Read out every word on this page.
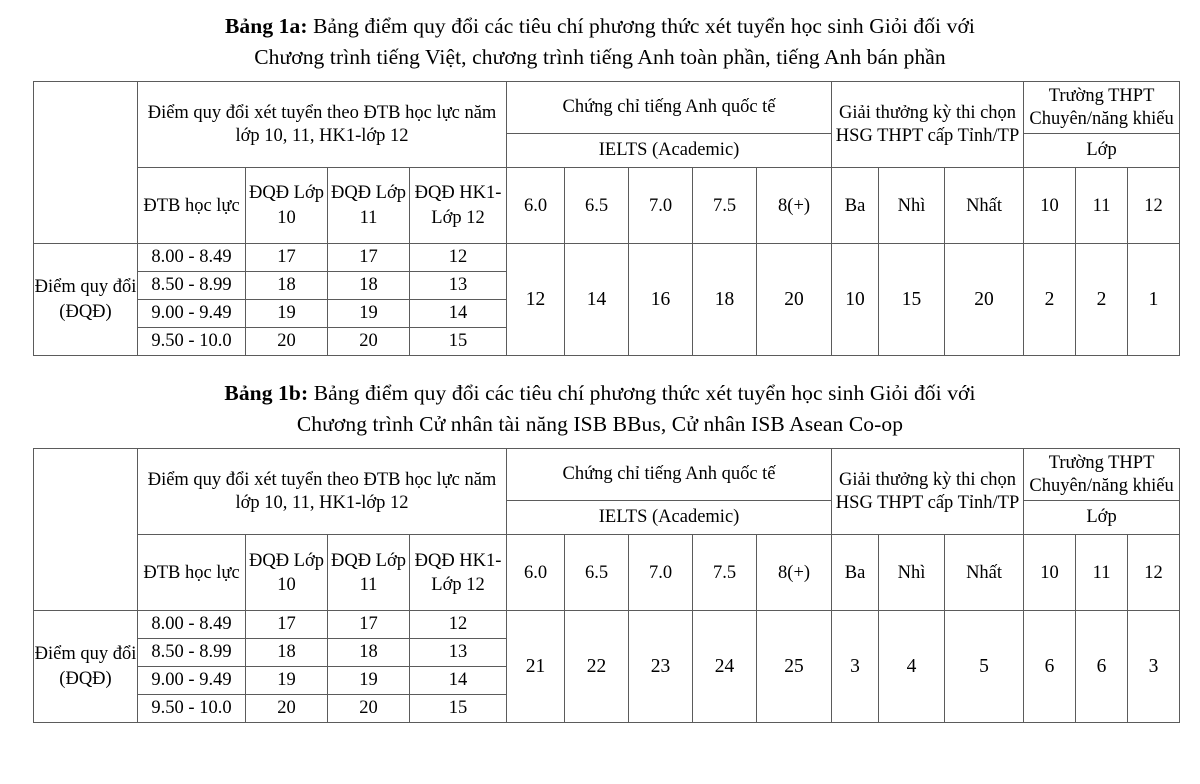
Bảng 1a: Bảng điểm quy đổi các tiêu chí phương thức xét tuyển học sinh Giỏi đối với
Chương trình tiếng Việt, chương trình tiếng Anh toàn phần, tiếng Anh bán phần
	Điểm quy đổi xét tuyển theo ĐTB học lực năm lớp 10, 11, HK1-lớp 12				Chứng chỉ tiếng Anh quốc tế					Giải thưởng kỳ thi chọn HSG THPT cấp Tỉnh/TP			Trường THPT Chuyên/năng khiếu		
					IELTS (Academic)								Lớp		
	ĐTB học lực	ĐQĐ Lớp 10	ĐQĐ Lớp 11	ĐQĐ HK1-Lớp 12	6.0	6.5	7.0	7.5	8(+)	Ba	Nhì	Nhất	10	11	12
Điểm quy đổi (ĐQĐ)	8.00 - 8.49	17	17	12	12	14	16	18	20	10	15	20	2	2	1
	8.50 - 8.99	18	18	13											
	9.00 - 9.49	19	19	14											
	9.50 - 10.0	20	20	15											
Bảng 1b: Bảng điểm quy đổi các tiêu chí phương thức xét tuyển học sinh Giỏi đối với
Chương trình Cử nhân tài năng ISB BBus, Cử nhân ISB Asean Co-op
	Điểm quy đổi xét tuyển theo ĐTB học lực năm lớp 10, 11, HK1-lớp 12				Chứng chỉ tiếng Anh quốc tế					Giải thưởng kỳ thi chọn HSG THPT cấp Tỉnh/TP			Trường THPT Chuyên/năng khiếu		
					IELTS (Academic)								Lớp		
	ĐTB học lực	ĐQĐ Lớp 10	ĐQĐ Lớp 11	ĐQĐ HK1-Lớp 12	6.0	6.5	7.0	7.5	8(+)	Ba	Nhì	Nhất	10	11	12
Điểm quy đổi (ĐQĐ)	8.00 - 8.49	17	17	12	21	22	23	24	25	3	4	5	6	6	3
	8.50 - 8.99	18	18	13											
	9.00 - 9.49	19	19	14											
	9.50 - 10.0	20	20	15											
